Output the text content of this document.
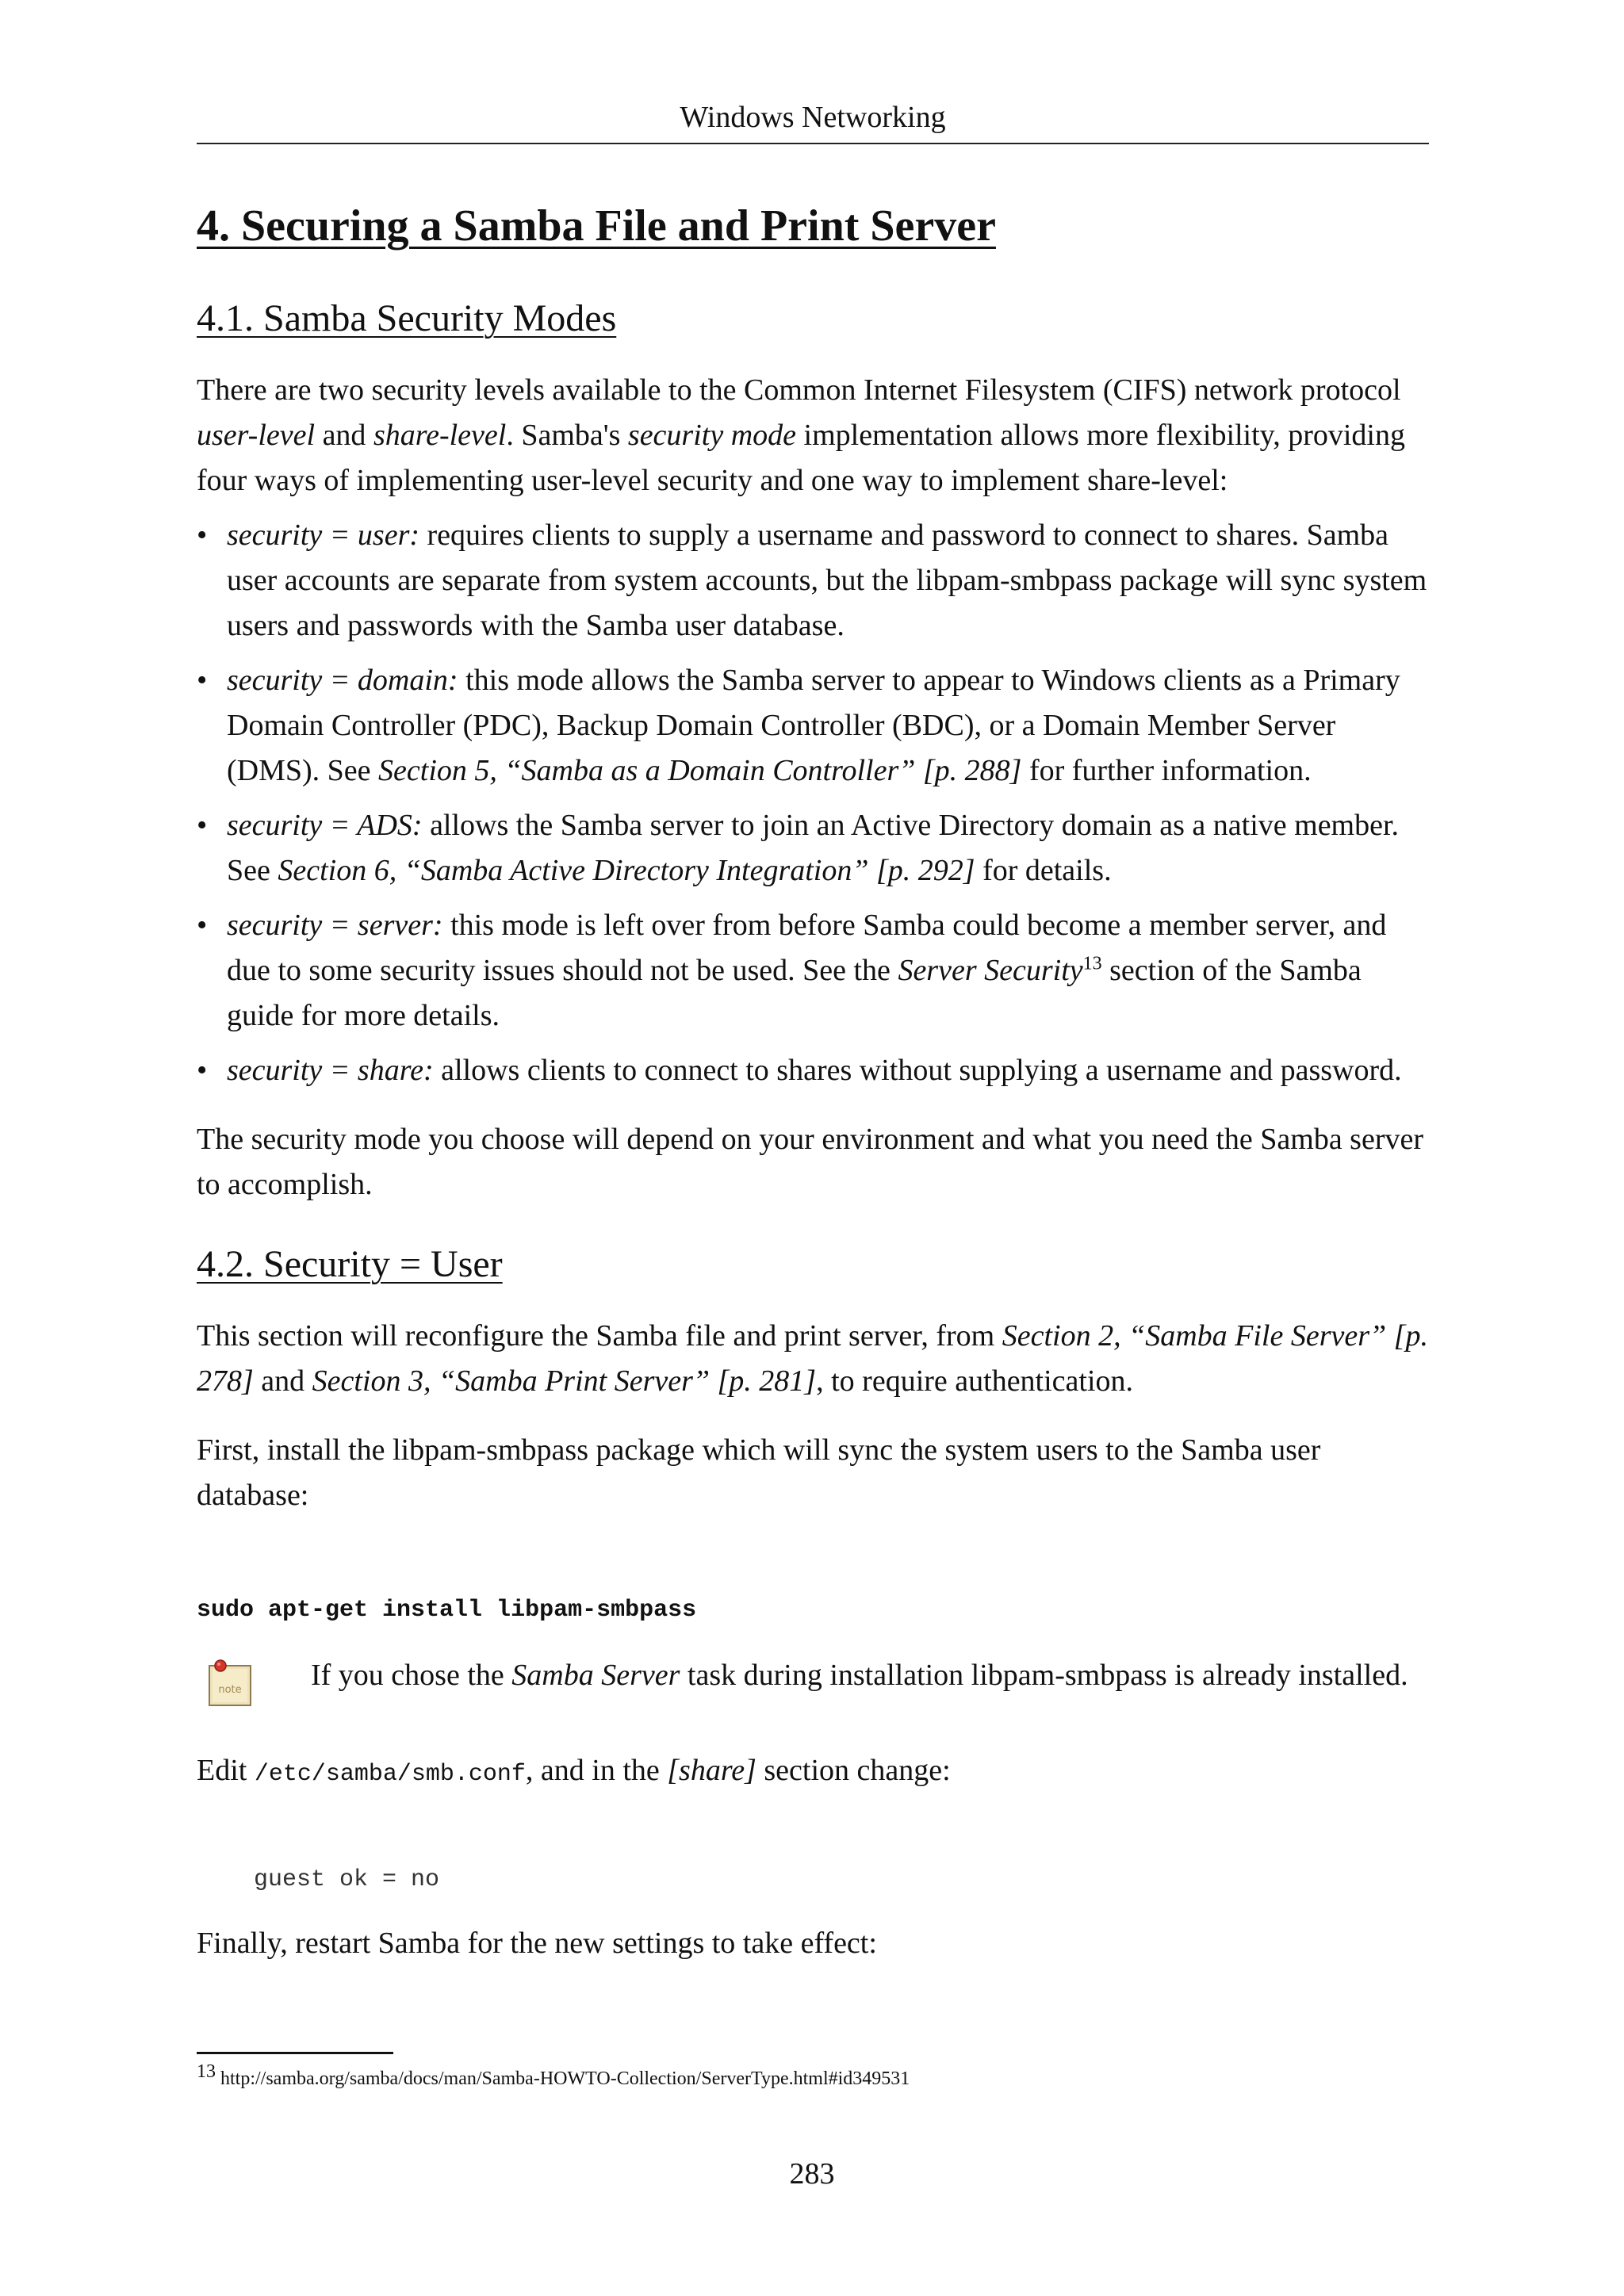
Windows Networking
4. Securing a Samba File and Print Server
4.1. Samba Security Modes

There are two security levels available to the Common Internet Filesystem (CIFS) network protocol user-level and share-level. Samba's security mode implementation allows more flexibility, providing four ways of implementing user-level security and one way to implement share-level:

• security = user: requires clients to supply a username and password to connect to shares. Samba user accounts are separate from system accounts, but the libpam-smbpass package will sync system users and passwords with the Samba user database.
• security = domain: this mode allows the Samba server to appear to Windows clients as a Primary Domain Controller (PDC), Backup Domain Controller (BDC), or a Domain Member Server (DMS). See Section 5, “Samba as a Domain Controller” [p. 288] for further information.
• security = ADS: allows the Samba server to join an Active Directory domain as a native member. See Section 6, “Samba Active Directory Integration” [p. 292] for details.
• security = server: this mode is left over from before Samba could become a member server, and due to some security issues should not be used. See the Server Security$^{13}$ section of the Samba guide for more details.
• security = share: allows clients to connect to shares without supplying a username and password.

The security mode you choose will depend on your environment and what you need the Samba server to accomplish.

4.2. Security = User

This section will reconfigure the Samba file and print server, from Section 2, “Samba File Server” [p. 278] and Section 3, “Samba Print Server” [p. 281], to require authentication.

First, install the libpam-smbpass package which will sync the system users to the Samba user database:

sudo apt-get install libpam-smbpass
note If you chose the Samba Server task during installation libpam-smbpass is already installed.

Edit /etc/samba/smb.conf, and in the [share] section change:

guest ok = no

Finally, restart Samba for the new settings to take effect:

13 http://samba.org/samba/docs/man/Samba-HOWTO-Collection/ServerType.html#id349531
283
